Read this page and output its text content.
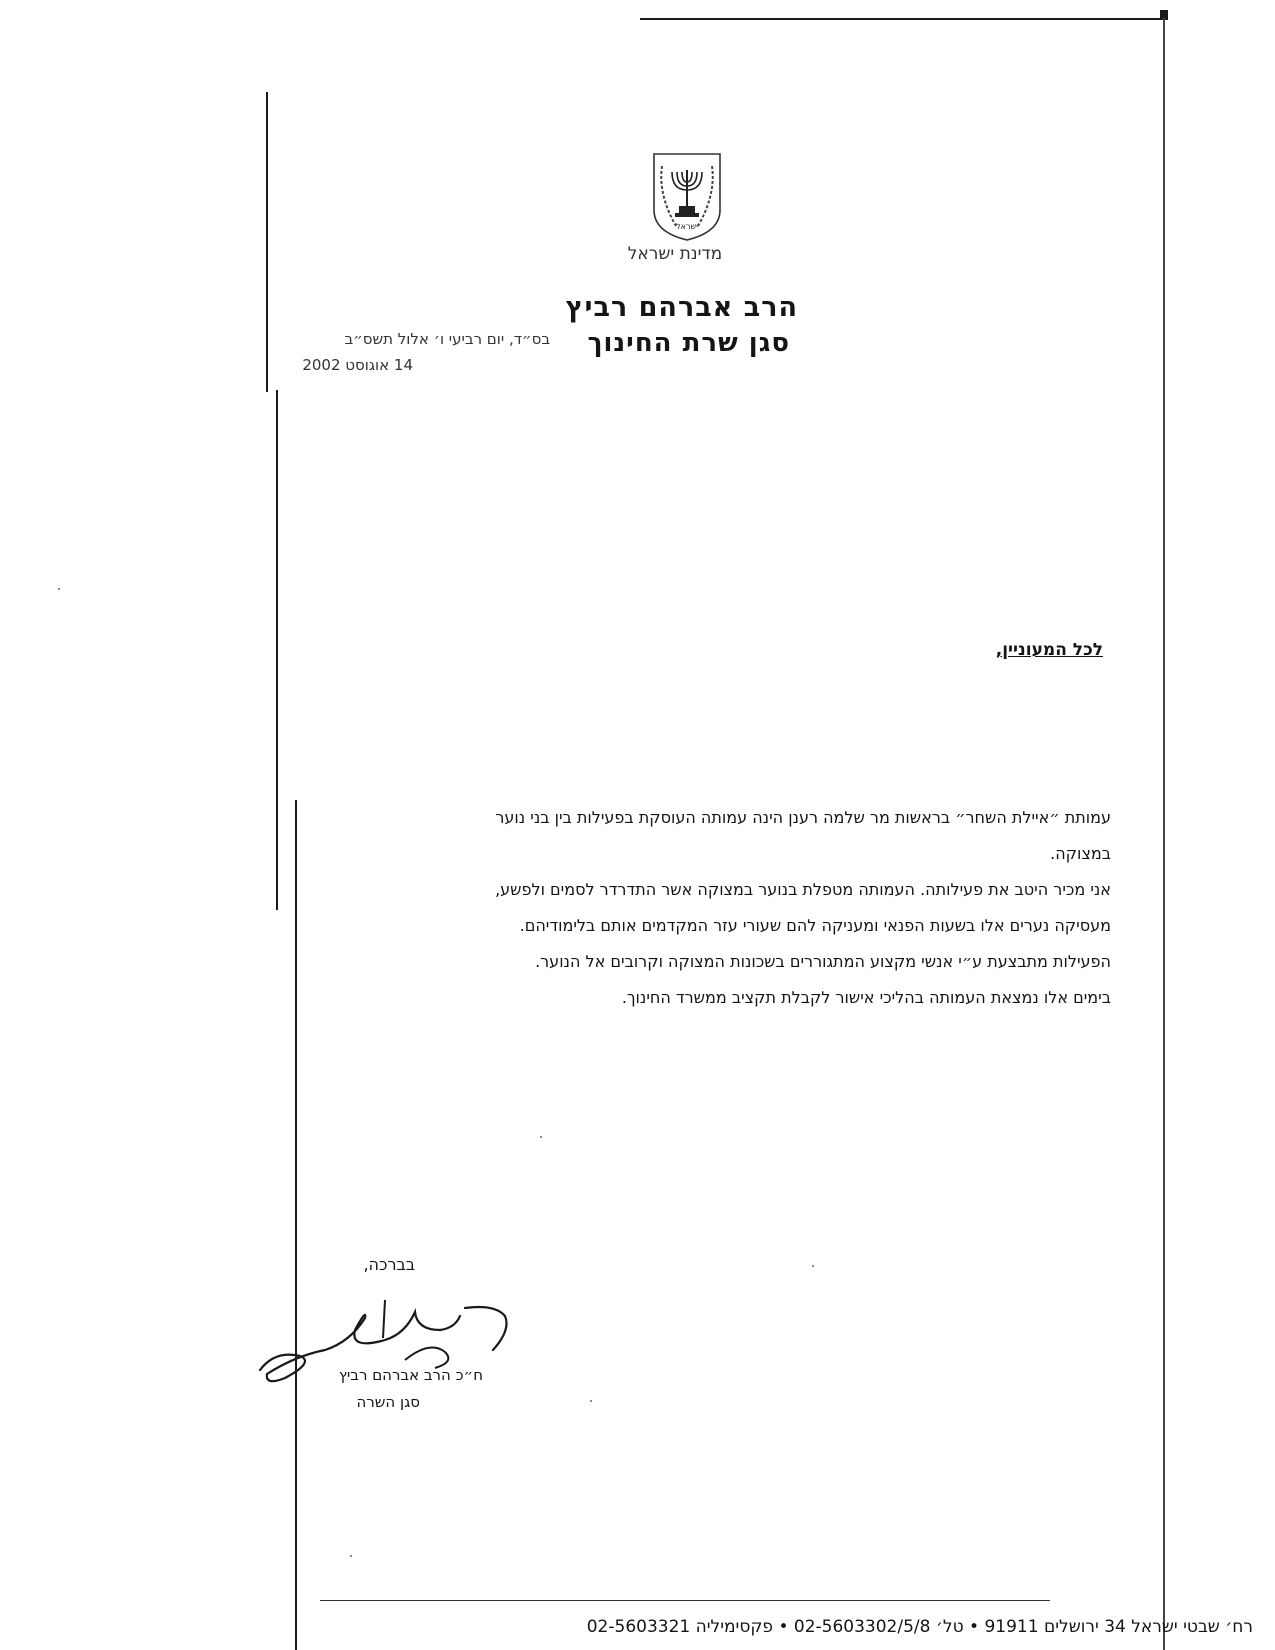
ישראל
מדינת ישראל
הרב אברהם רביץ
סגן שרת החינוך
בס״ד, יום רביעי ו׳ אלול תשס״ב
14 אוגוסט 2002
לכל המעוניין,

עמותת ״איילת השחר״ בראשות מר שלמה רענן הינה עמותה העוסקת בפעילות בין בני נוער

במצוקה.

אני מכיר היטב את פעילותה. העמותה מטפלת בנוער במצוקה אשר התדרדר לסמים ולפשע,

מעסיקה נערים אלו בשעות הפנאי ומעניקה להם שעורי עזר המקדמים אותם בלימודיהם.

הפעילות מתבצעת ע״י אנשי מקצוע המתגוררים בשכונות המצוקה וקרובים אל הנוער.

בימים אלו נמצאת העמותה בהליכי אישור לקבלת תקציב ממשרד החינוך.

בברכה,
ח״כ הרב אברהם רביץ
סגן השרה
רח׳ שבטי ישראל 34 ירושלים 91911 • טל׳ 02-5603302/5/8 • פקסימיליה 02-5603321
